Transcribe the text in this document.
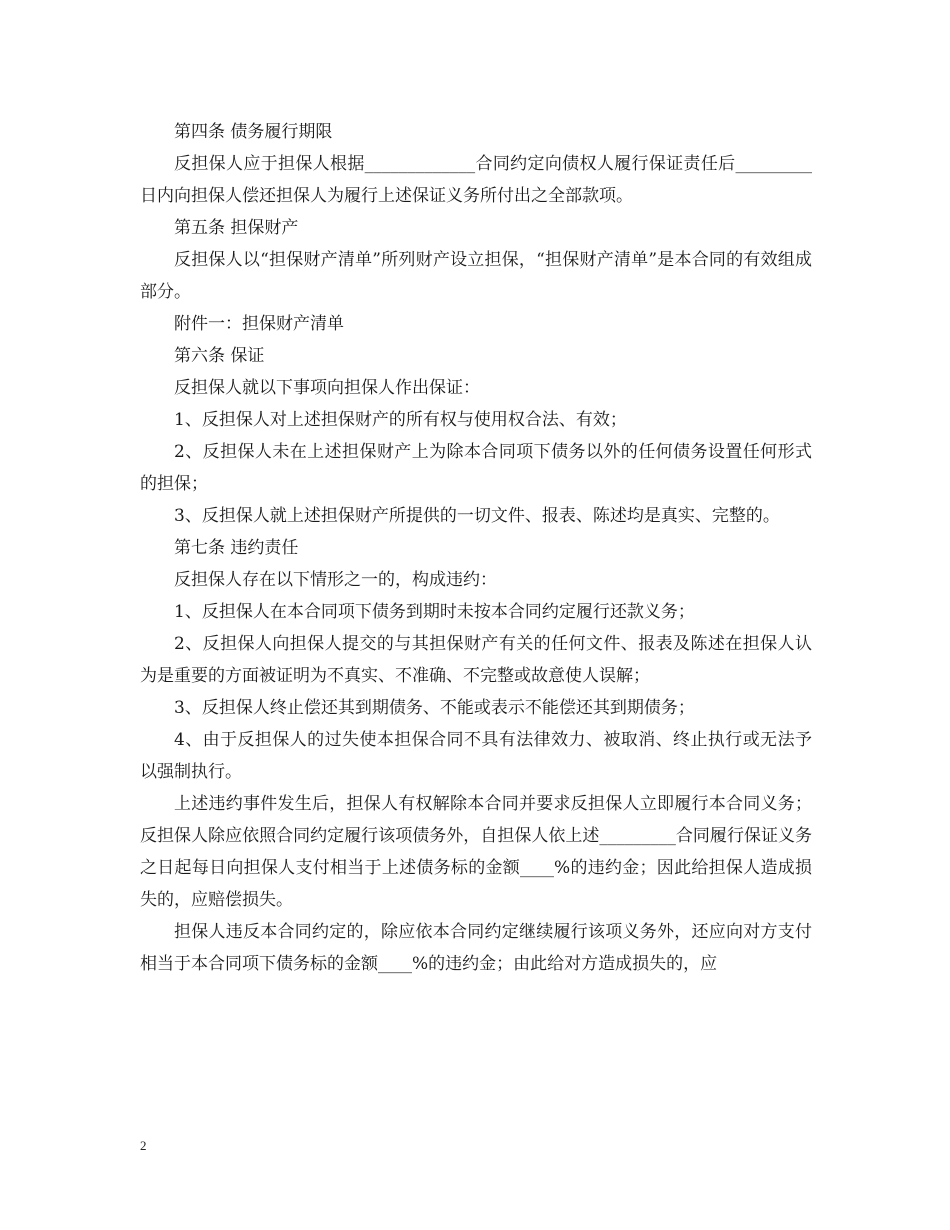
第四条 债务履行期限

反担保人应于担保人根据_____________合同约定向债权人履行保证责任后_________日内向担保人偿还担保人为履行上述保证义务所付出之全部款项。

第五条 担保财产

反担保人以“担保财产清单”所列财产设立担保，“担保财产清单”是本合同的有效组成部分。

附件一：担保财产清单

第六条 保证

反担保人就以下事项向担保人作出保证：

1、反担保人对上述担保财产的所有权与使用权合法、有效；

2、反担保人未在上述担保财产上为除本合同项下债务以外的任何债务设置任何形式的担保；

3、反担保人就上述担保财产所提供的一切文件、报表、陈述均是真实、完整的。

第七条 违约责任

反担保人存在以下情形之一的，构成违约：

1、反担保人在本合同项下债务到期时未按本合同约定履行还款义务；

2、反担保人向担保人提交的与其担保财产有关的任何文件、报表及陈述在担保人认为是重要的方面被证明为不真实、不准确、不完整或故意使人误解；

3、反担保人终止偿还其到期债务、不能或表示不能偿还其到期债务；

4、由于反担保人的过失使本担保合同不具有法律效力、被取消、终止执行或无法予以强制执行。

上述违约事件发生后，担保人有权解除本合同并要求反担保人立即履行本合同义务；反担保人除应依照合同约定履行该项债务外，自担保人依上述_________合同履行保证义务之日起每日向担保人支付相当于上述债务标的金额____%的违约金；因此给担保人造成损失的，应赔偿损失。

担保人违反本合同约定的，除应依本合同约定继续履行该项义务外，还应向对方支付相当于本合同项下债务标的金额____%的违约金；由此给对方造成损失的，应

2
